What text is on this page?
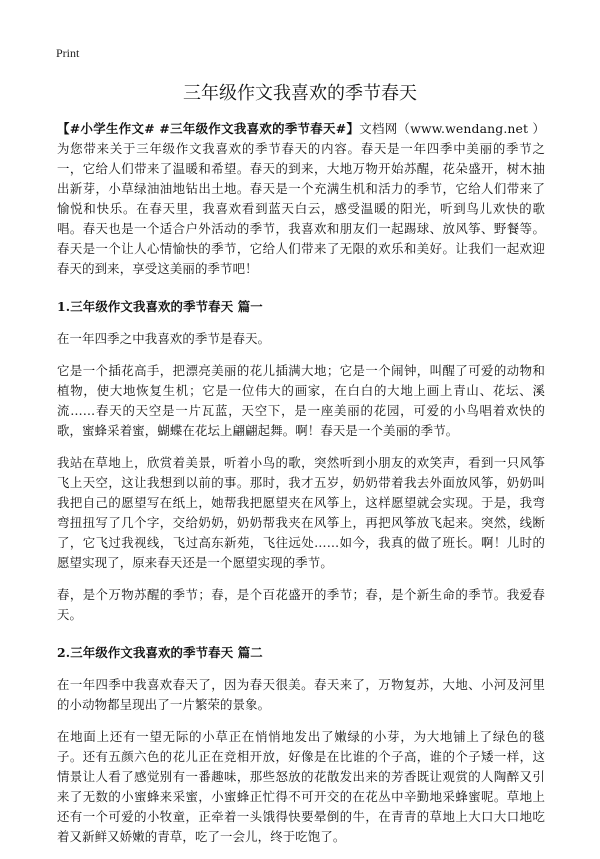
Print
三年级作文我喜欢的季节春天

【#小学生作文# #三年级作文我喜欢的季节春天#】文档网（www.wendang.net ）为您带来关于三年级作文我喜欢的季节春天的内容。春天是一年四季中美丽的季节之一，它给人们带来了温暖和希望。春天的到来，大地万物开始苏醒，花朵盛开，树木抽出新芽，小草绿油油地钻出土地。春天是一个充满生机和活力的季节，它给人们带来了愉悦和快乐。在春天里，我喜欢看到蓝天白云，感受温暖的阳光，听到鸟儿欢快的歌唱。春天也是一个适合户外活动的季节，我喜欢和朋友们一起踢球、放风筝、野餐等。春天是一个让人心情愉快的季节，它给人们带来了无限的欢乐和美好。让我们一起欢迎春天的到来，享受这美丽的季节吧！

1.三年级作文我喜欢的季节春天 篇一

在一年四季之中我喜欢的季节是春天。

它是一个插花高手，把漂亮美丽的花儿插满大地；它是一个闹钟，叫醒了可爱的动物和植物，使大地恢复生机；它是一位伟大的画家，在白白的大地上画上青山、花坛、溪流……春天的天空是一片瓦蓝，天空下，是一座美丽的花园，可爱的小鸟唱着欢快的歌，蜜蜂采着蜜，蝴蝶在花坛上翩翩起舞。啊！春天是一个美丽的季节。

我站在草地上，欣赏着美景，听着小鸟的歌，突然听到小朋友的欢笑声，看到一只风筝飞上天空，这让我想到以前的事。那时，我才五岁，奶奶带着我去外面放风筝，奶奶叫我把自己的愿望写在纸上，她帮我把愿望夹在风筝上，这样愿望就会实现。于是，我弯弯扭扭写了几个字，交给奶奶，奶奶帮我夹在风筝上，再把风筝放飞起来。突然，线断了，它飞过我视线，飞过高东新苑，飞往远处……如今，我真的做了班长。啊！儿时的愿望实现了，原来春天还是一个愿望实现的季节。

春，是个万物苏醒的季节；春，是个百花盛开的季节；春，是个新生命的季节。我爱春天。

2.三年级作文我喜欢的季节春天 篇二

在一年四季中我喜欢春天了，因为春天很美。春天来了，万物复苏，大地、小河及河里的小动物都呈现出了一片繁荣的景象。

在地面上还有一望无际的小草正在悄悄地发出了嫩绿的小芽，为大地铺上了绿色的毯子。还有五颜六色的花儿正在竞相开放，好像是在比谁的个子高，谁的个子矮一样，这情景让人看了感觉别有一番趣味，那些怒放的花散发出来的芳香既让观赏的人陶醉又引来了无数的小蜜蜂来采蜜，小蜜蜂正忙得不可开交的在花丛中辛勤地采蜂蜜呢。草地上还有一个可爱的小牧童，正牵着一头饿得快要晕倒的牛，在青青的草地上大口大口地吃着又新鲜又娇嫩的青草，吃了一会儿，终于吃饱了。
